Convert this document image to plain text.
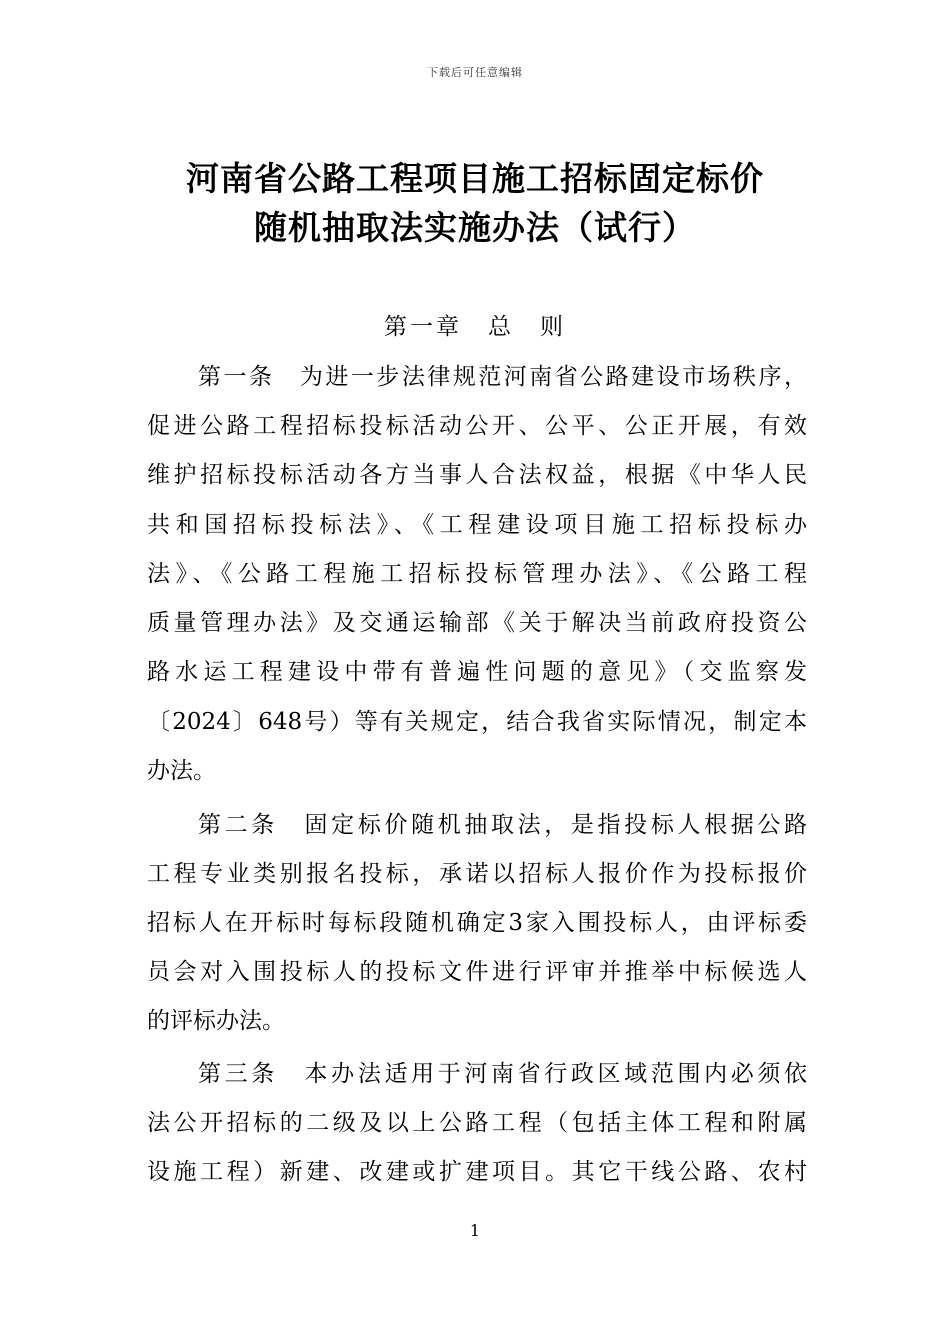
下载后可任意编辑
河南省公路工程项目施工招标固定标价
随机抽取法实施办法（试行）
第一章　总　则
第一条　为进一步法律规范河南省公路建设市场秩序，
促进公路工程招标投标活动公开、公平、公正开展，有效
维护招标投标活动各方当事人合法权益，根据《中华人民
共和国招标投标法》、《工程建设项目施工招标投标办
法》、《公路工程施工招标投标管理办法》、《公路工程
质量管理办法》及交通运输部《关于解决当前政府投资公
路水运工程建设中带有普遍性问题的意见》（交监察发
〔2024〕648号）等有关规定，结合我省实际情况，制定本
办法。
第二条　固定标价随机抽取法，是指投标人根据公路
工程专业类别报名投标，承诺以招标人报价作为投标报价
招标人在开标时每标段随机确定3家入围投标人，由评标委
员会对入围投标人的投标文件进行评审并推举中标候选人
的评标办法。
第三条　本办法适用于河南省行政区域范围内必须依
法公开招标的二级及以上公路工程（包括主体工程和附属
设施工程）新建、改建或扩建项目。其它干线公路、农村
1
